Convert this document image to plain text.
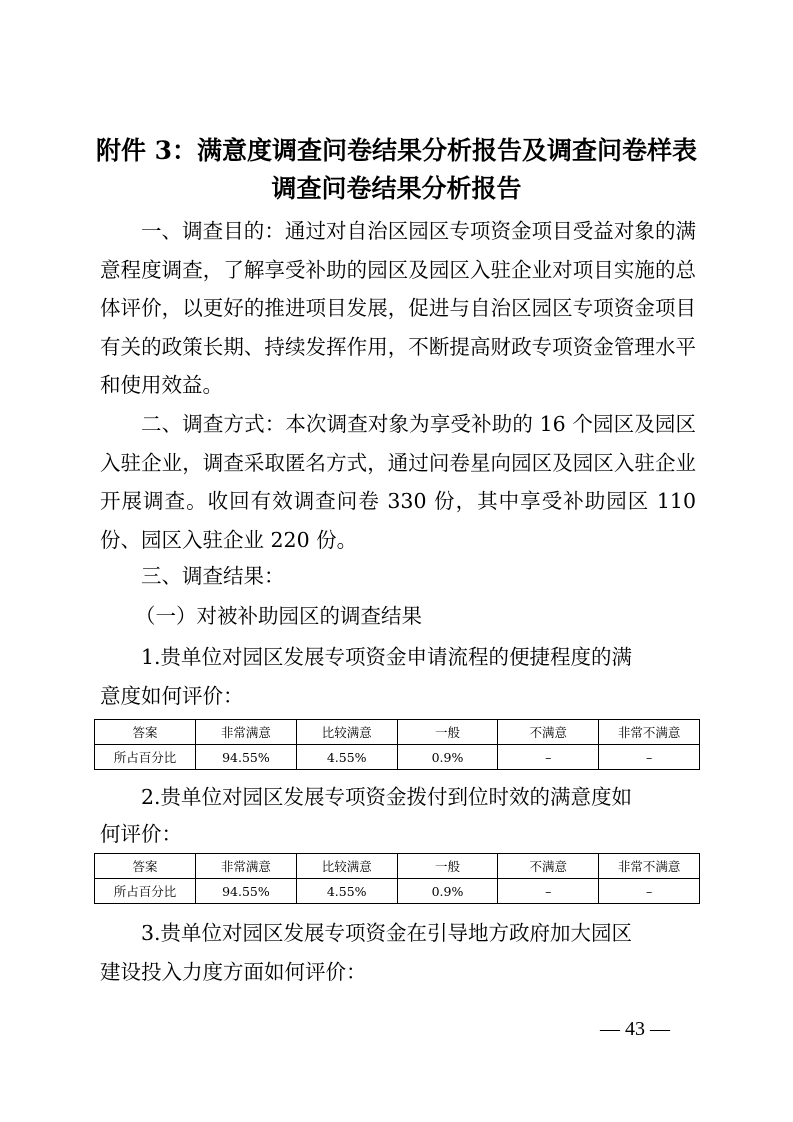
附件 3：满意度调查问卷结果分析报告及调查问卷样表
调查问卷结果分析报告

一、调查目的：通过对自治区园区专项资金项目受益对象的满意程度调查，了解享受补助的园区及园区入驻企业对项目实施的总体评价，以更好的推进项目发展，促进与自治区园区专项资金项目有关的政策长期、持续发挥作用，不断提高财政专项资金管理水平和使用效益。

二、调查方式：本次调查对象为享受补助的 16 个园区及园区入驻企业，调查采取匿名方式，通过问卷星向园区及园区入驻企业开展调查。收回有效调查问卷 330 份，其中享受补助园区 110 份、园区入驻企业 220 份。

三、调查结果：
（一）对被补助园区的调查结果
1.贵单位对园区发展专项资金申请流程的便捷程度的满
意度如何评价：
答案	非常满意	比较满意	一般	不满意	非常不满意
所占百分比	94.55%	4.55%	0.9%	–	–
2.贵单位对园区发展专项资金拨付到位时效的满意度如
何评价：
答案	非常满意	比较满意	一般	不满意	非常不满意
所占百分比	94.55%	4.55%	0.9%	–	–
3.贵单位对园区发展专项资金在引导地方政府加大园区
建设投入力度方面如何评价：
— 43 —
